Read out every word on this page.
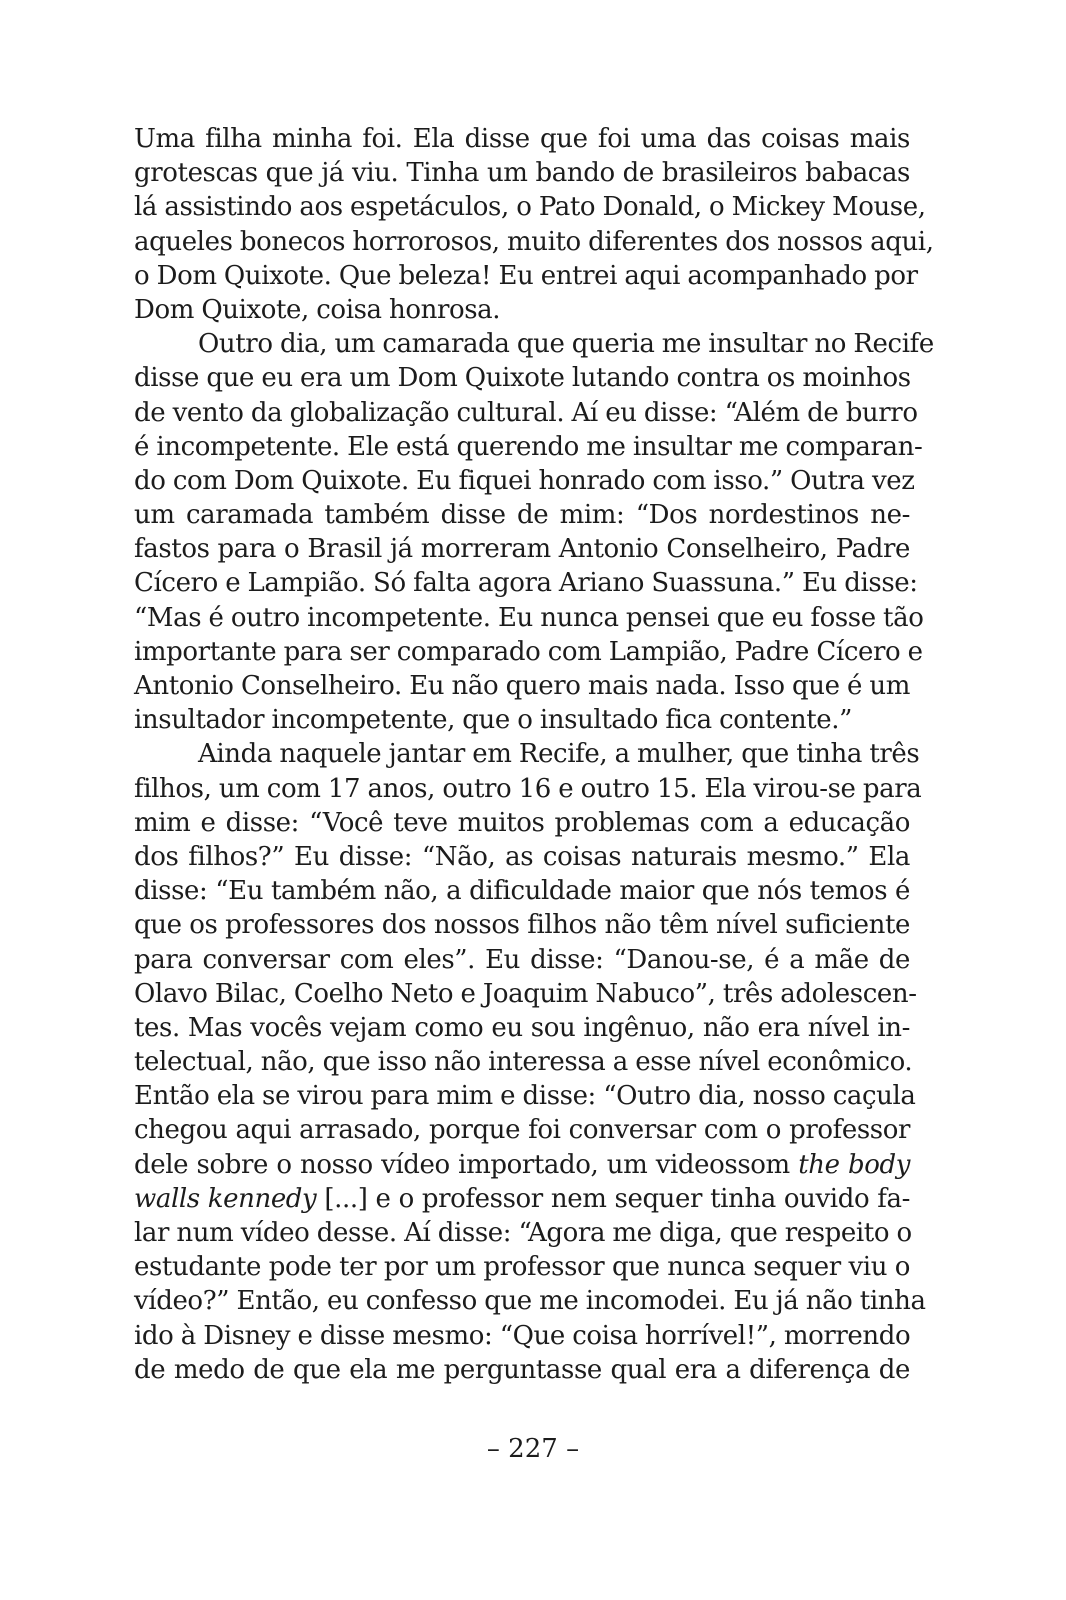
Uma filha minha foi. Ela disse que foi uma das coisas mais
grotescas que já viu. Tinha um bando de brasileiros babacas
lá assistindo aos espetáculos, o Pato Donald, o Mickey Mouse,
aqueles bonecos horrorosos, muito diferentes dos nossos aqui,
o Dom Quixote. Que beleza! Eu entrei aqui acompanhado por
Dom Quixote, coisa honrosa.
Outro dia, um camarada que queria me insultar no Recife
disse que eu era um Dom Quixote lutando contra os moinhos
de vento da globalização cultural. Aí eu disse: “Além de burro
é incompetente. Ele está querendo me insultar me comparan-
do com Dom Quixote. Eu fiquei honrado com isso.” Outra vez
um caramada também disse de mim: “Dos nordestinos ne-
fastos para o Brasil já morreram Antonio Conselheiro, Padre
Cícero e Lampião. Só falta agora Ariano Suassuna.” Eu disse:
“Mas é outro incompetente. Eu nunca pensei que eu fosse tão
importante para ser comparado com Lampião, Padre Cícero e
Antonio Conselheiro. Eu não quero mais nada. Isso que é um
insultador incompetente, que o insultado fica contente.”
Ainda naquele jantar em Recife, a mulher, que tinha três
filhos, um com 17 anos, outro 16 e outro 15. Ela virou-se para
mim e disse: “Você teve muitos problemas com a educação
dos filhos?” Eu disse: “Não, as coisas naturais mesmo.” Ela
disse: “Eu também não, a dificuldade maior que nós temos é
que os professores dos nossos filhos não têm nível suficiente
para conversar com eles”. Eu disse: “Danou-se, é a mãe de
Olavo Bilac, Coelho Neto e Joaquim Nabuco”, três adolescen-
tes. Mas vocês vejam como eu sou ingênuo, não era nível in-
telectual, não, que isso não interessa a esse nível econômico.
Então ela se virou para mim e disse: “Outro dia, nosso caçula
chegou aqui arrasado, porque foi conversar com o professor
dele sobre o nosso vídeo importado, um videossom the body
walls kennedy [...] e o professor nem sequer tinha ouvido fa-
lar num vídeo desse. Aí disse: “Agora me diga, que respeito o
estudante pode ter por um professor que nunca sequer viu o
vídeo?” Então, eu confesso que me incomodei. Eu já não tinha
ido à Disney e disse mesmo: “Que coisa horrível!”, morrendo
de medo de que ela me perguntasse qual era a diferença de
– 227 –
